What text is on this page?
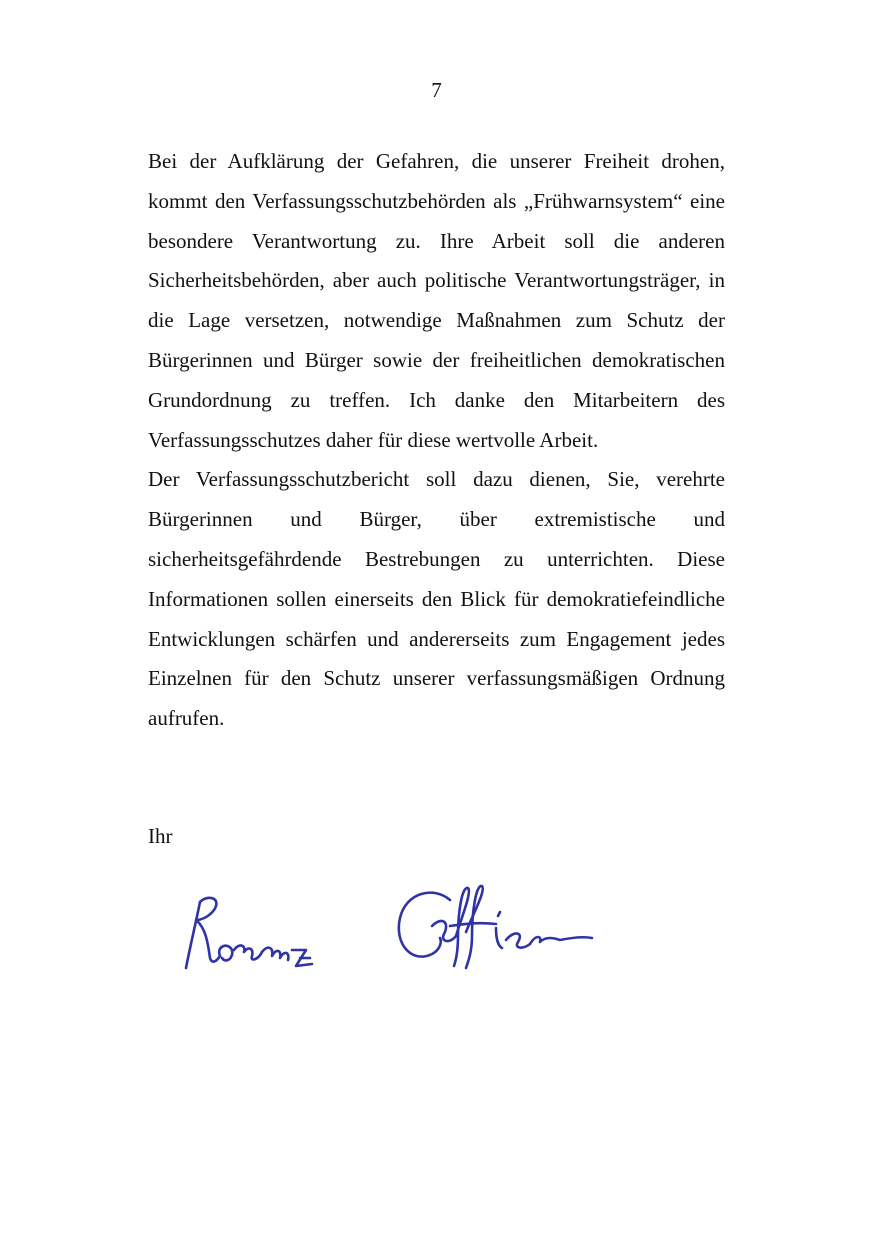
7

Bei der Aufklärung der Gefahren, die unserer Freiheit drohen, kommt den Verfassungsschutzbehörden als „Frühwarnsystem“ eine besondere Verantwortung zu. Ihre Arbeit soll die anderen Sicherheitsbehörden, aber auch politische Verantwortungsträger, in die Lage versetzen, notwendige Maßnahmen zum Schutz der Bürgerinnen und Bürger sowie der freiheitlichen demokratischen Grundordnung zu treffen. Ich danke den Mitarbeitern des Verfassungsschutzes daher für diese wertvolle Arbeit.

Der Verfassungsschutzbericht soll dazu dienen, Sie, verehrte Bürgerinnen und Bürger, über extremistische und sicherheitsgefährdende Bestrebungen zu unterrichten. Diese Informationen sollen einerseits den Blick für demokratiefeindliche Entwicklungen schärfen und andererseits zum Engagement jedes Einzelnen für den Schutz unserer verfassungsmäßigen Ordnung aufrufen.

Ihr
